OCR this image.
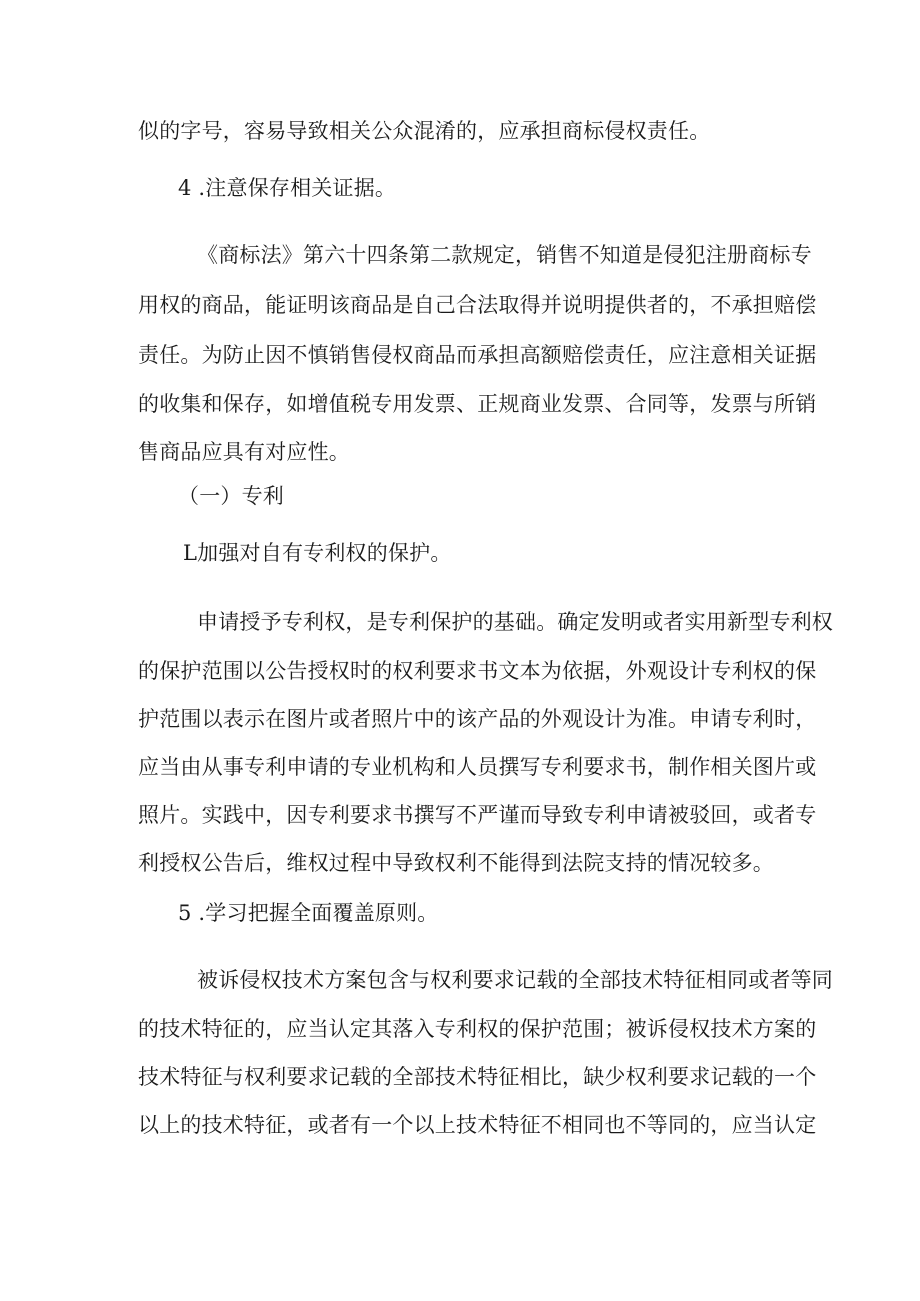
似的字号，容易导致相关公众混淆的，应承担商标侵权责任。
4 .注意保存相关证据。
《商标法》第六十四条第二款规定，销售不知道是侵犯注册商标专
用权的商品，能证明该商品是自己合法取得并说明提供者的，不承担赔偿
责任。为防止因不慎销售侵权商品而承担高额赔偿责任，应注意相关证据
的收集和保存，如增值税专用发票、正规商业发票、合同等，发票与所销
售商品应具有对应性。
（一）专利
L加强对自有专利权的保护。
申请授予专利权，是专利保护的基础。确定发明或者实用新型专利权
的保护范围以公告授权时的权利要求书文本为依据，外观设计专利权的保
护范围以表示在图片或者照片中的该产品的外观设计为准。申请专利时，
应当由从事专利申请的专业机构和人员撰写专利要求书，制作相关图片或
照片。实践中，因专利要求书撰写不严谨而导致专利申请被驳回，或者专
利授权公告后，维权过程中导致权利不能得到法院支持的情况较多。
5 .学习把握全面覆盖原则。
被诉侵权技术方案包含与权利要求记载的全部技术特征相同或者等同
的技术特征的，应当认定其落入专利权的保护范围；被诉侵权技术方案的
技术特征与权利要求记载的全部技术特征相比，缺少权利要求记载的一个
以上的技术特征，或者有一个以上技术特征不相同也不等同的，应当认定
